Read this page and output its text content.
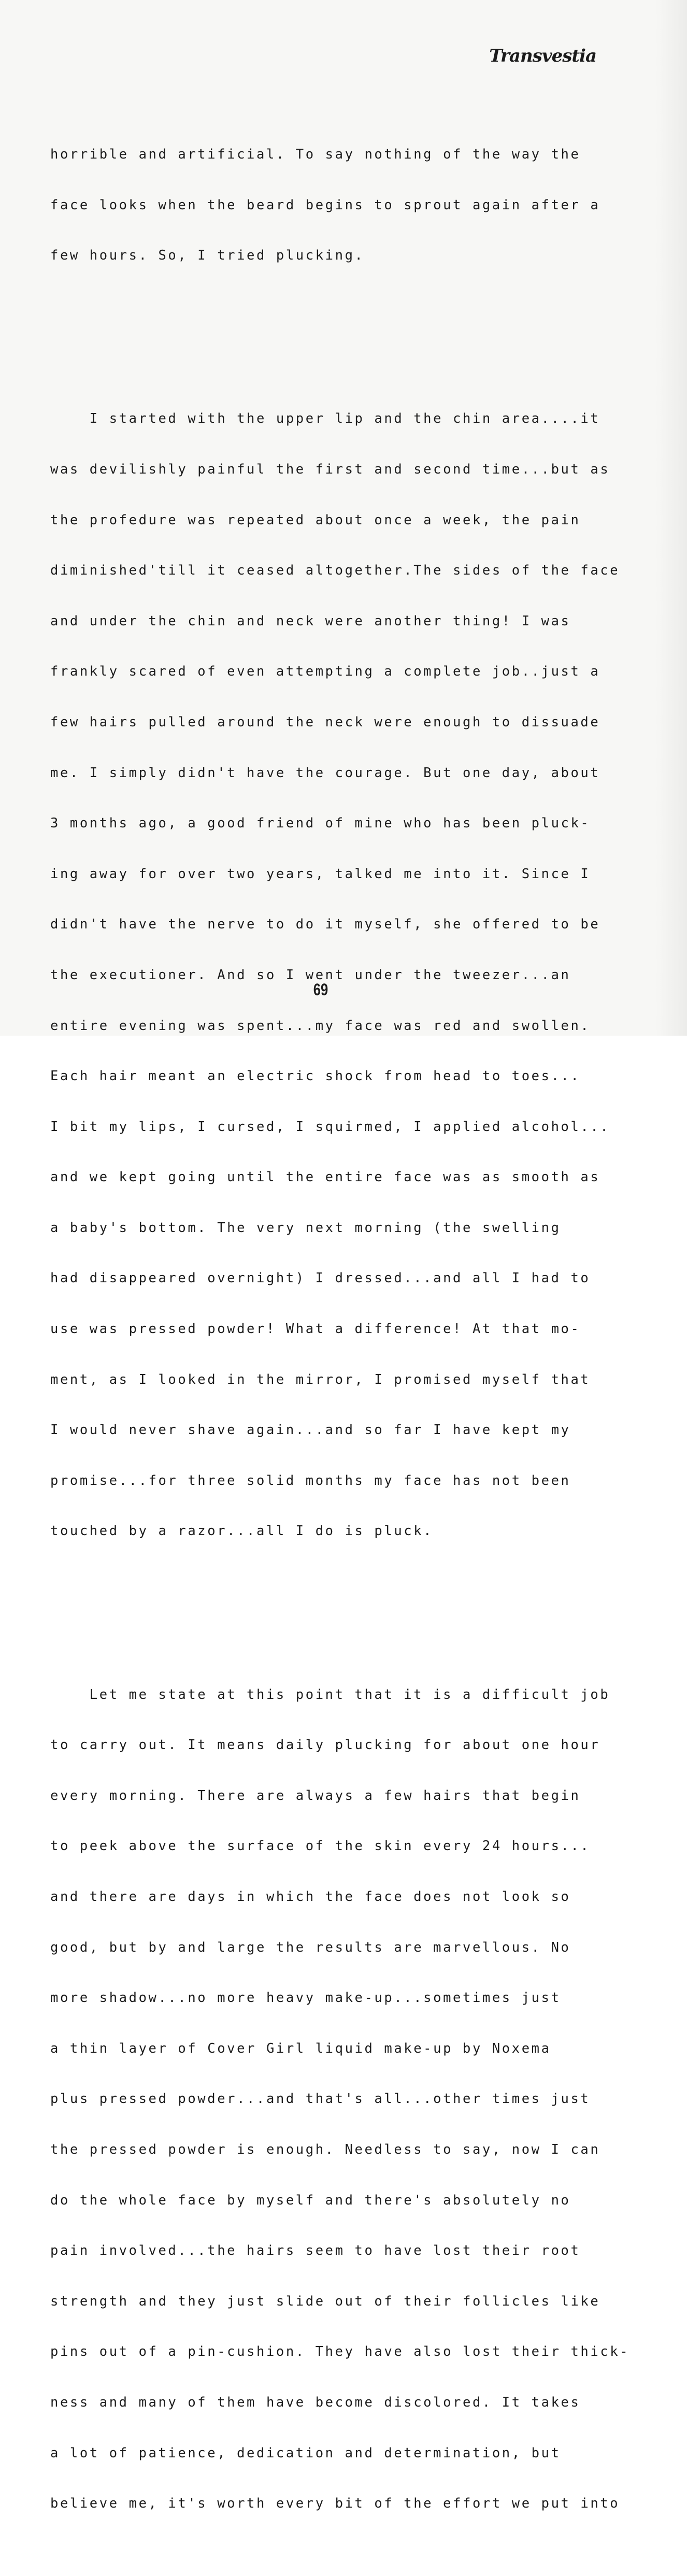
Transvestia

horrible and artificial. To say nothing of the way the

face looks when the beard begins to sprout again after a

few hours. So, I tried plucking.

I started with the upper lip and the chin area....it

was devilishly painful the first and second time...but as

the profedure was repeated about once a week, the pain

diminished'till it ceased altogether.The sides of the face

and under the chin and neck were another thing! I was

frankly scared of even attempting a complete job..just a

few hairs pulled around the neck were enough to dissuade

me. I simply didn't have the courage. But one day, about

3 months ago, a good friend of mine who has been pluck-

ing away for over two years, talked me into it. Since I

didn't have the nerve to do it myself, she offered to be

the executioner. And so I went under the tweezer...an

entire evening was spent...my face was red and swollen.

Each hair meant an electric shock from head to toes...

I bit my lips, I cursed, I squirmed, I applied alcohol...

and we kept going until the entire face was as smooth as

a baby's bottom. The very next morning (the swelling

had disappeared overnight) I dressed...and all I had to

use was pressed powder! What a difference! At that mo-

ment, as I looked in the mirror, I promised myself that

I would never shave again...and so far I have kept my

promise...for three solid months my face has not been

touched by a razor...all I do is pluck.

Let me state at this point that it is a difficult job

to carry out. It means daily plucking for about one hour

every morning. There are always a few hairs that begin

to peek above the surface of the skin every 24 hours...

and there are days in which the face does not look so

good, but by and large the results are marvellous. No

more shadow...no more heavy make-up...sometimes just

a thin layer of Cover Girl liquid make-up by Noxema

plus pressed powder...and that's all...other times just

the pressed powder is enough. Needless to say, now I can

do the whole face by myself and there's absolutely no

pain involved...the hairs seem to have lost their root

strength and they just slide out of their follicles like

pins out of a pin-cushion. They have also lost their thick-

ness and many of them have become discolored. It takes

a lot of patience, dedication and determination, but

believe me, it's worth every bit of the effort we put into

69
